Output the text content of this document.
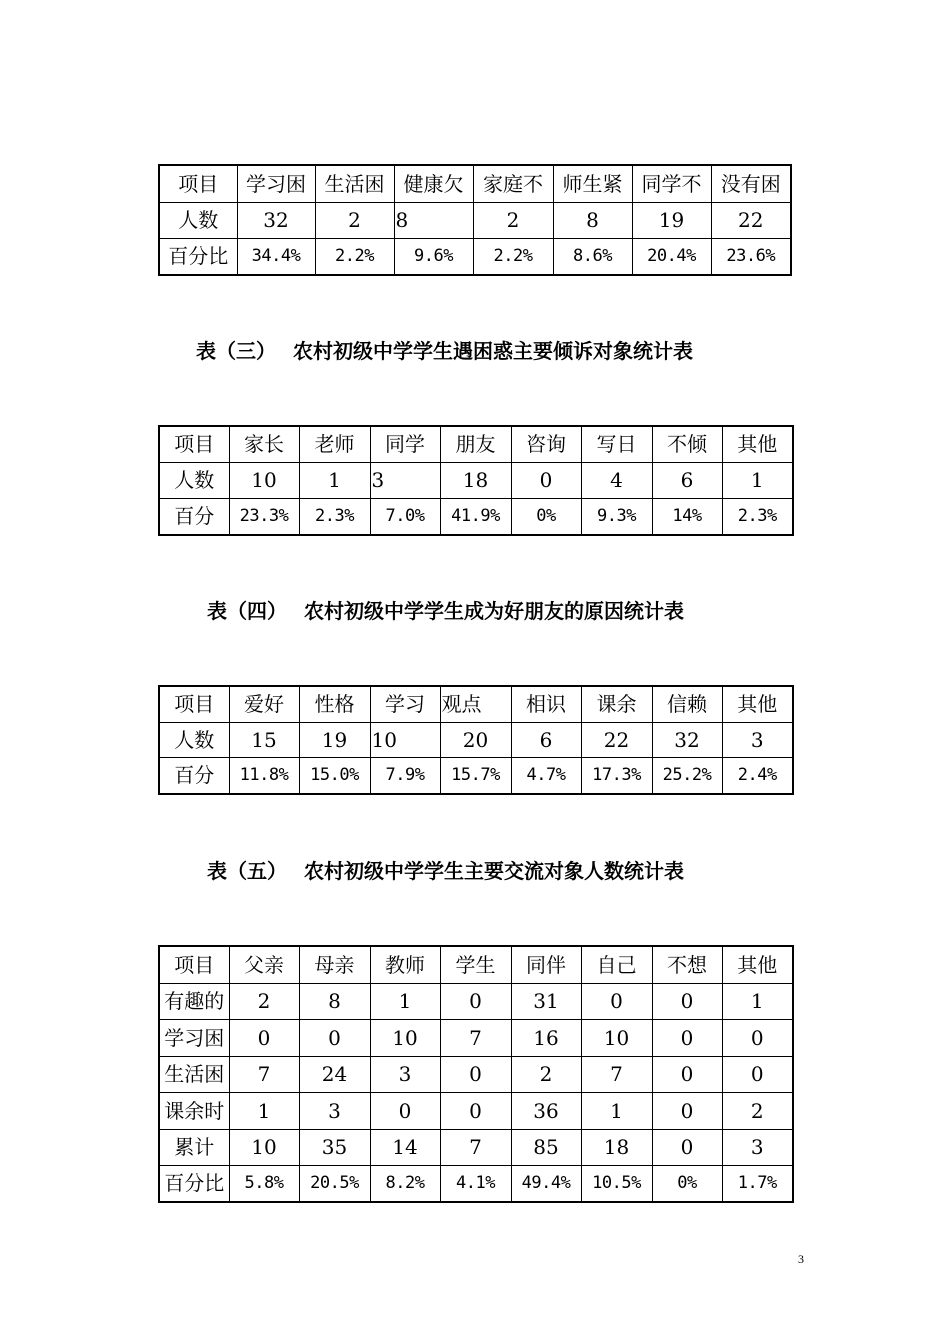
项目	学习困	生活困	健康欠	家庭不	师生紧	同学不	没有困
人数	32	2	8	2	8	19	22
百分比	34.4%	2.2%	9.6%	2.2%	8.6%	20.4%	23.6%
表（三）　 农村初级中学学生遇困惑主要倾诉对象统计表
项目	家长	老师	同学	朋友	咨询	写日	不倾	其他
人数	10	1	3	18	0	4	6	1
百分	23.3%	2.3%	7.0%	41.9%	0%	9.3%	14%	2.3%
表（四）　 农村初级中学学生成为好朋友的原因统计表
项目	爱好	性格	学习	观点	相识	课余	信赖	其他
人数	15	19	10	20	6	22	32	3
百分	11.8%	15.0%	7.9%	15.7%	4.7%	17.3%	25.2%	2.4%
表（五）　 农村初级中学学生主要交流对象人数统计表
项目	父亲	母亲	教师	学生	同伴	自己	不想	其他
有趣的	2	8	1	0	31	0	0	1
学习困	0	0	10	7	16	10	0	0
生活困	7	24	3	0	2	7	0	0
课余时	1	3	0	0	36	1	0	2
累计	10	35	14	7	85	18	0	3
百分比	5.8%	20.5%	8.2%	4.1%	49.4%	10.5%	0%	1.7%
3
